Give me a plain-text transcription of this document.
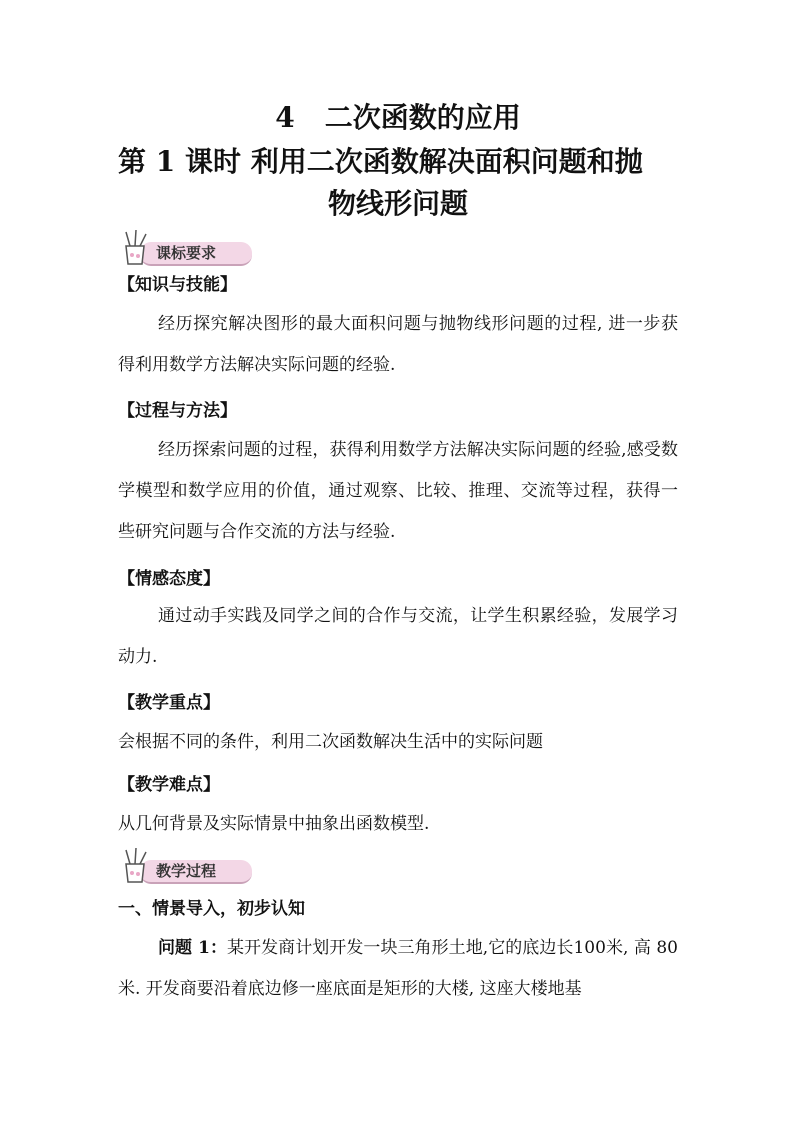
4 二次函数的应用
第 1 课时 利用二次函数解决面积问题和抛
物线形问题
课标要求
【知识与技能】
经历探究解决图形的最大面积问题与抛物线形问题的过程, 进一步获得利用数学方法解决实际问题的经验.
【过程与方法】
经历探索问题的过程，获得利用数学方法解决实际问题的经验,感受数学模型和数学应用的价值，通过观察、比较、推理、交流等过程，获得一些研究问题与合作交流的方法与经验.
【情感态度】
通过动手实践及同学之间的合作与交流，让学生积累经验，发展学习动力.
【教学重点】
会根据不同的条件，利用二次函数解决生活中的实际问题
【教学难点】
从几何背景及实际情景中抽象出函数模型.
教学过程
一、情景导入，初步认知
问题 1：某开发商计划开发一块三角形土地,它的底边长100米, 高 80 米. 开发商要沿着底边修一座底面是矩形的大楼, 这座大楼地基
